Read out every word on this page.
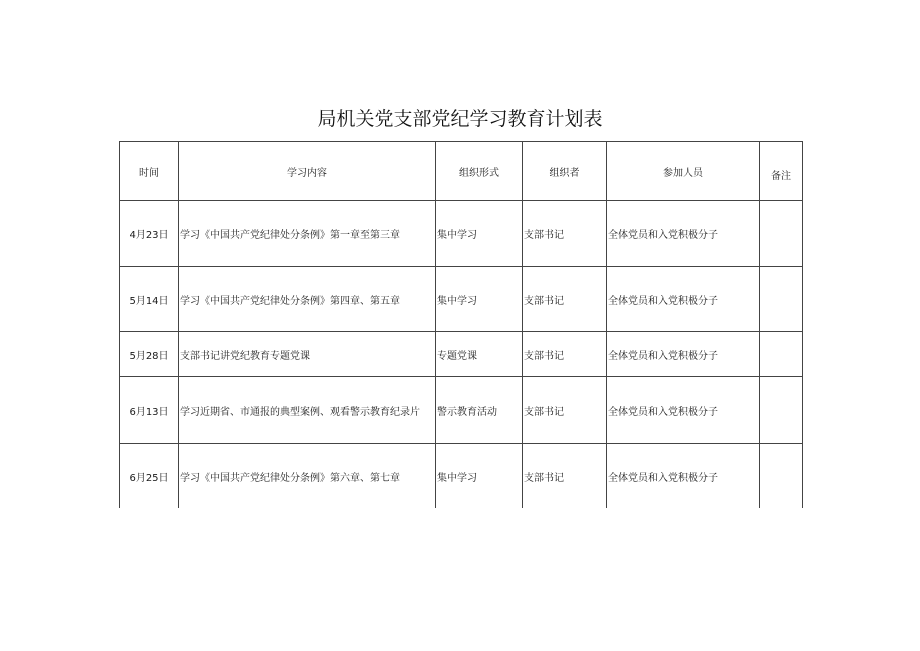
局机关党支部党纪学习教育计划表
时间	学习内容	组织形式	组织者	参加人员	备注
4月23日	学习《中国共产党纪律处分条例》第一章至第三章	集中学习	支部书记	全体党员和入党积极分子	
5月14日	学习《中国共产党纪律处分条例》第四章、第五章	集中学习	支部书记	全体党员和入党积极分子	
5月28日	支部书记讲党纪教育专题党课	专题党课	支部书记	全体党员和入党积极分子	
6月13日	学习近期省、市通报的典型案例、观看警示教育纪录片	警示教育活动	支部书记	全体党员和入党积极分子	
6月25日	学习《中国共产党纪律处分条例》第六章、第七章	集中学习	支部书记	全体党员和入党积极分子	
